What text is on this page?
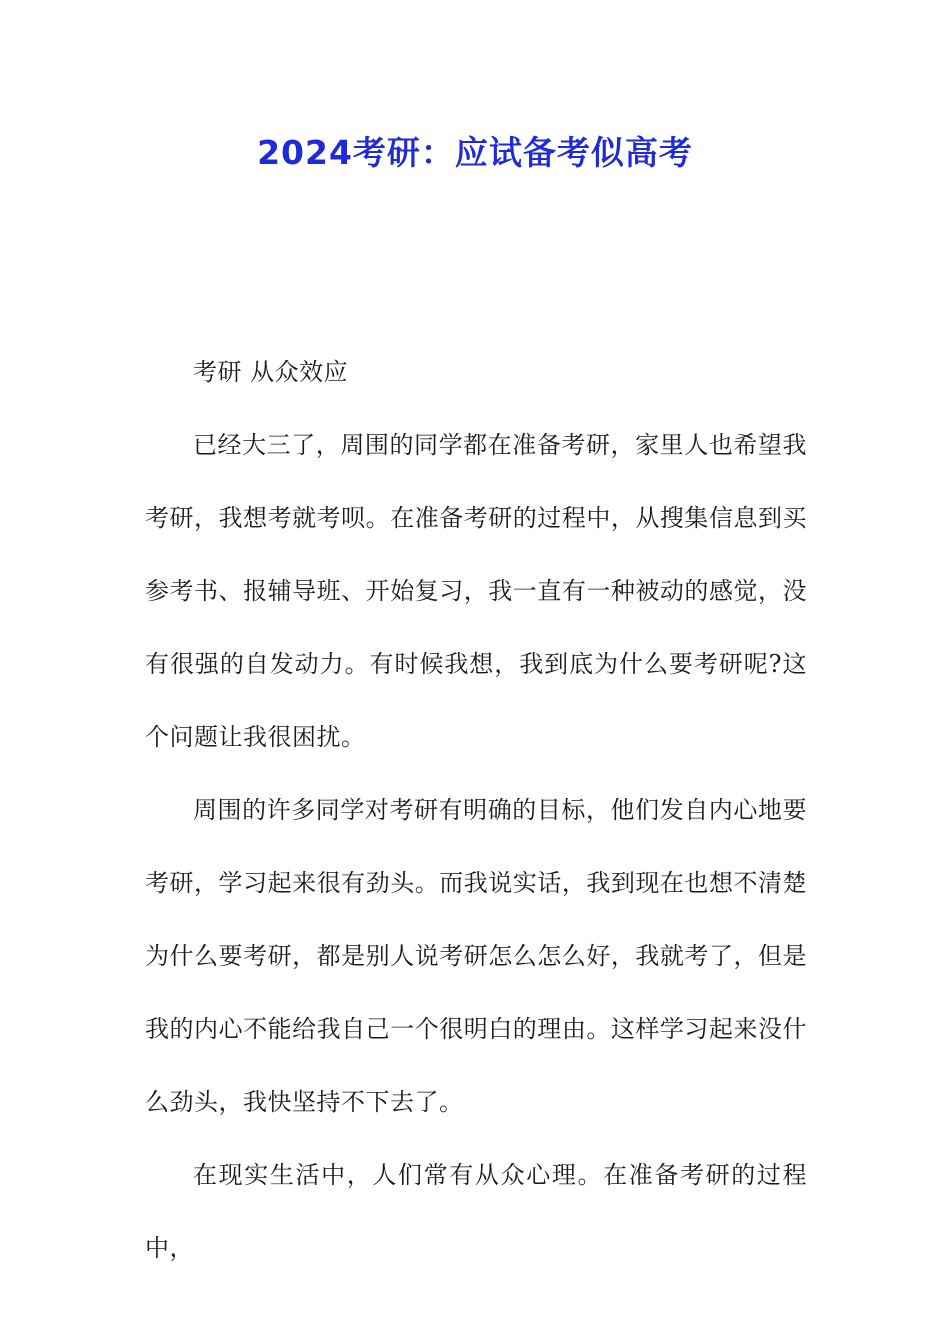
2024考研：应试备考似高考

考研 从众效应

已经大三了，周围的同学都在准备考研，家里人也希望我考研，我想考就考呗。在准备考研的过程中，从搜集信息到买参考书、报辅导班、开始复习，我一直有一种被动的感觉，没有很强的自发动力。有时候我想，我到底为什么要考研呢?这个问题让我很困扰。

周围的许多同学对考研有明确的目标，他们发自内心地要考研，学习起来很有劲头。而我说实话，我到现在也想不清楚为什么要考研，都是别人说考研怎么怎么好，我就考了，但是我的内心不能给我自己一个很明白的理由。这样学习起来没什么劲头，我快坚持不下去了。

在现实生活中，人们常有从众心理。在准备考研的过程中，
